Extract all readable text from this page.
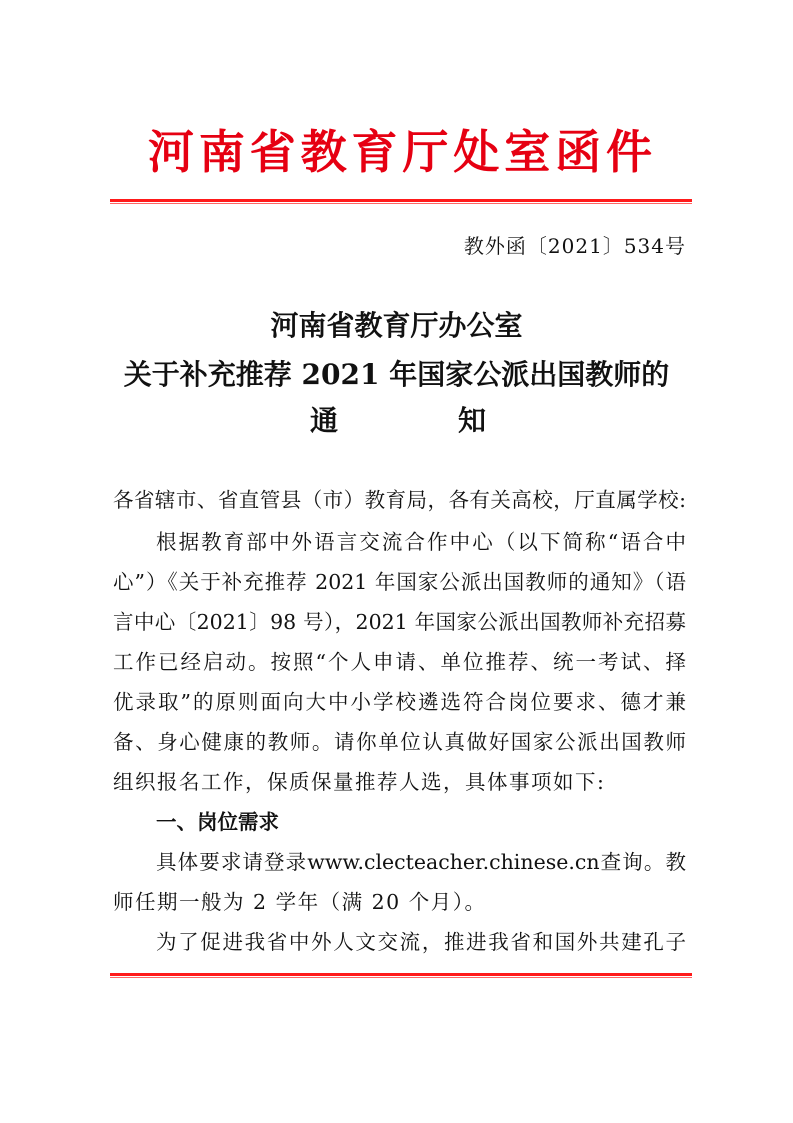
河南省教育厅处室函件
教外函〔2021〕534号
河南省教育厅办公室
关于补充推荐 2021 年国家公派出国教师的
通	知
各省辖市、省直管县（市）教育局，各有关高校，厅直属学校:
根据教育部中外语言交流合作中心（以下简称“语合中
心”）《关于补充推荐 2021 年国家公派出国教师的通知》（语
言中心〔2021〕98 号），2021 年国家公派出国教师补充招募
工作已经启动。按照“个人申请、单位推荐、统一考试、择
优录取”的原则面向大中小学校遴选符合岗位要求、德才兼
备、身心健康的教师。请你单位认真做好国家公派出国教师
组织报名工作，保质保量推荐人选，具体事项如下:
一、岗位需求
具体要求请登录www.clecteacher.chinese.cn查询。教
师任期一般为 2 学年（满 20 个月）。
为了促进我省中外人文交流，推进我省和国外共建孔子
